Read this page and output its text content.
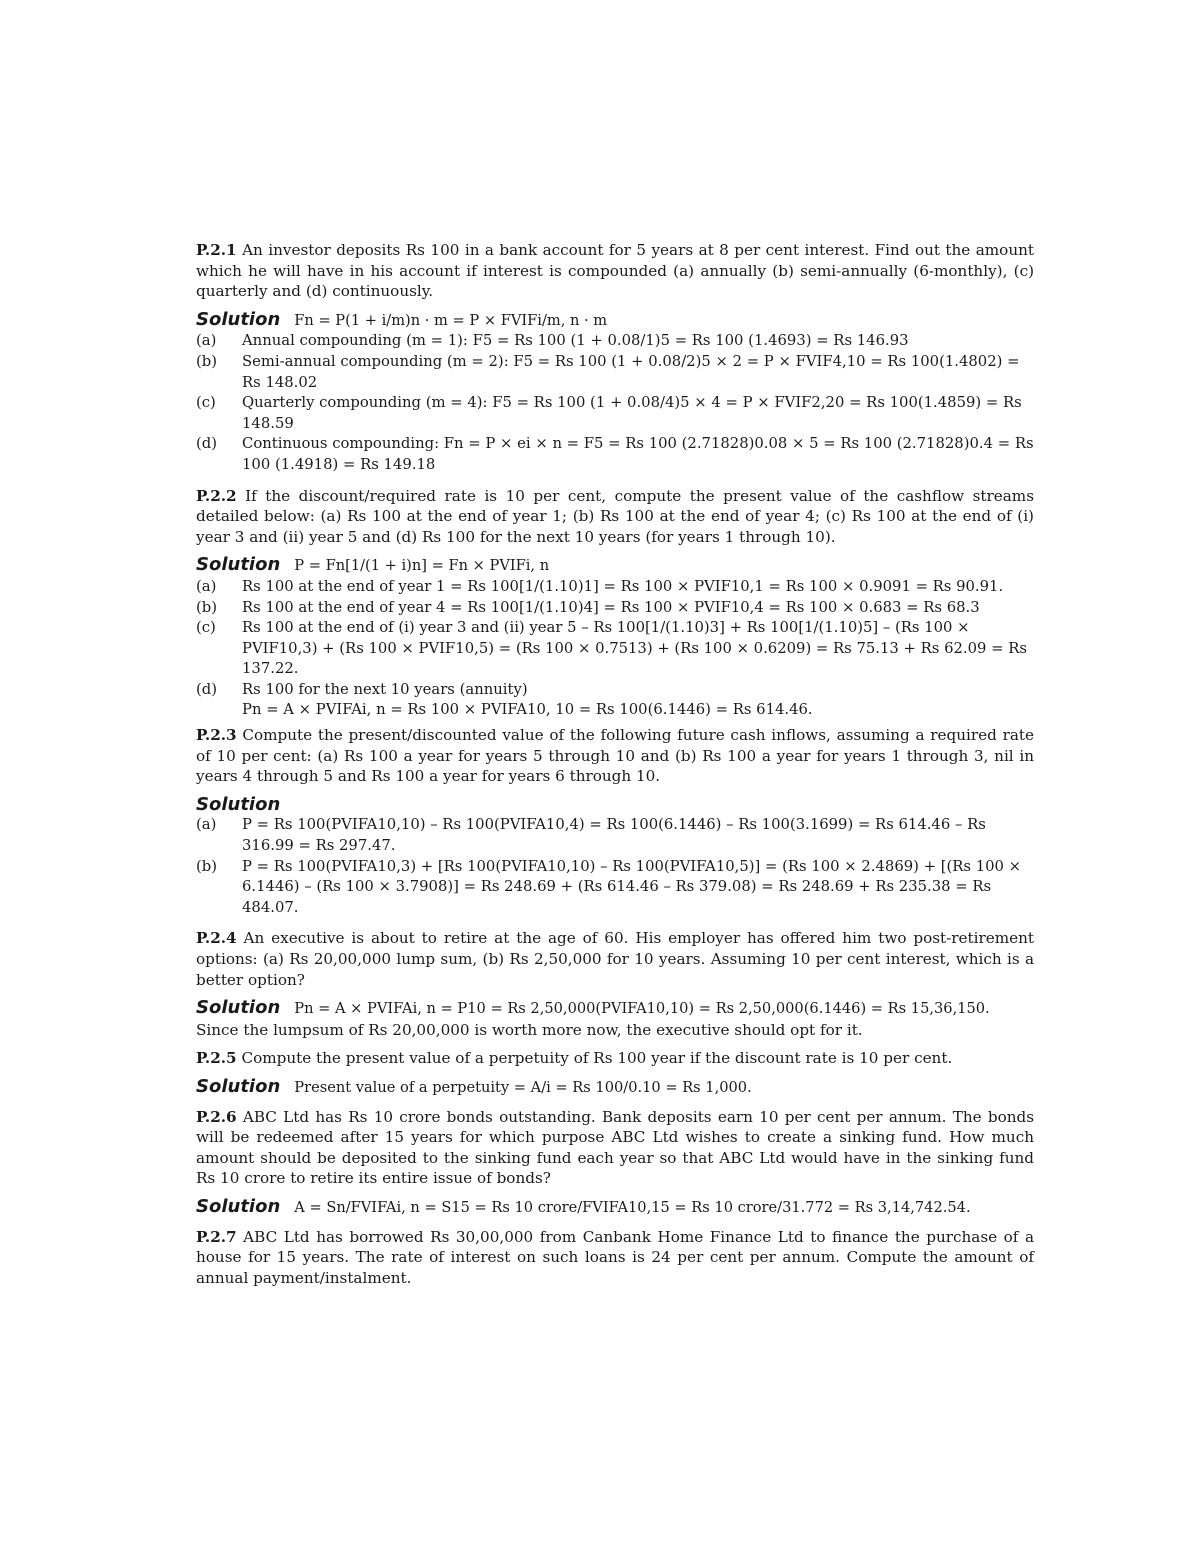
P.2.1 An investor deposits Rs 100 in a bank account for 5 years at 8 per cent interest. Find out the amount which he will have in his account if interest is compounded (a) annually (b) semi-annually (6-monthly), (c) quarterly and (d) continuously.

Solution Fn = P(1 + i/m)n · m = P × FVIFi/m, n · m

(a)	Annual compounding (m = 1): F5 = Rs 100 (1 + 0.08/1)5 = Rs 100 (1.4693) = Rs 146.93
(b)	Semi-annual compounding (m = 2): F5 = Rs 100 (1 + 0.08/2)5 × 2 = P × FVIF4,10 = Rs 100(1.4802) = Rs 148.02
(c)	Quarterly compounding (m = 4): F5 = Rs 100 (1 + 0.08/4)5 × 4 = P × FVIF2,20 = Rs 100(1.4859) = Rs 148.59
(d)	Continuous compounding: Fn = P × ei × n = F5 = Rs 100 (2.71828)0.08 × 5 = Rs 100 (2.71828)0.4 = Rs 100 (1.4918) = Rs 149.18

P.2.2 If the discount/required rate is 10 per cent, compute the present value of the cashflow streams detailed below: (a) Rs 100 at the end of year 1; (b) Rs 100 at the end of year 4; (c) Rs 100 at the end of (i) year 3 and (ii) year 5 and (d) Rs 100 for the next 10 years (for years 1 through 10).

Solution P = Fn[1/(1 + i)n] = Fn × PVIFi, n

(a)	Rs 100 at the end of year 1 = Rs 100[1/(1.10)1] = Rs 100 × PVIF10,1 = Rs 100 × 0.9091 = Rs 90.91.
(b)	Rs 100 at the end of year 4 = Rs 100[1/(1.10)4] = Rs 100 × PVIF10,4 = Rs 100 × 0.683 = Rs 68.3
(c)	Rs 100 at the end of (i) year 3 and (ii) year 5 – Rs 100[1/(1.10)3] + Rs 100[1/(1.10)5] – (Rs 100 × PVIF10,3) + (Rs 100 × PVIF10,5) = (Rs 100 × 0.7513) + (Rs 100 × 0.6209) = Rs 75.13 + Rs 62.09 = Rs 137.22.
(d)	Rs 100 for the next 10 years (annuity)
Pn = A × PVIFAi, n = Rs 100 × PVIFA10, 10 = Rs 100(6.1446) = Rs 614.46.

P.2.3 Compute the present/discounted value of the following future cash inflows, assuming a required rate of 10 per cent: (a) Rs 100 a year for years 5 through 10 and (b) Rs 100 a year for years 1 through 3, nil in years 4 through 5 and Rs 100 a year for years 6 through 10.

Solution

(a)	P = Rs 100(PVIFA10,10) – Rs 100(PVIFA10,4) = Rs 100(6.1446) – Rs 100(3.1699) = Rs 614.46 – Rs 316.99 = Rs 297.47.
(b)	P = Rs 100(PVIFA10,3) + [Rs 100(PVIFA10,10) – Rs 100(PVIFA10,5)] = (Rs 100 × 2.4869) + [(Rs 100 × 6.1446) – (Rs 100 × 3.7908)] = Rs 248.69 + (Rs 614.46 – Rs 379.08) = Rs 248.69 + Rs 235.38 = Rs 484.07.

P.2.4 An executive is about to retire at the age of 60. His employer has offered him two post-retirement options: (a) Rs 20,00,000 lump sum, (b) Rs 2,50,000 for 10 years. Assuming 10 per cent interest, which is a better option?

Solution Pn = A × PVIFAi, n = P10 = Rs 2,50,000(PVIFA10,10) = Rs 2,50,000(6.1446) = Rs 15,36,150.

Since the lumpsum of Rs 20,00,000 is worth more now, the executive should opt for it.

P.2.5 Compute the present value of a perpetuity of Rs 100 year if the discount rate is 10 per cent.

Solution Present value of a perpetuity = A/i = Rs 100/0.10 = Rs 1,000.

P.2.6 ABC Ltd has Rs 10 crore bonds outstanding. Bank deposits earn 10 per cent per annum. The bonds will be redeemed after 15 years for which purpose ABC Ltd wishes to create a sinking fund. How much amount should be deposited to the sinking fund each year so that ABC Ltd would have in the sinking fund Rs 10 crore to retire its entire issue of bonds?

Solution A = Sn/FVIFAi, n = S15 = Rs 10 crore/FVIFA10,15 = Rs 10 crore/31.772 = Rs 3,14,742.54.

P.2.7 ABC Ltd has borrowed Rs 30,00,000 from Canbank Home Finance Ltd to finance the purchase of a house for 15 years. The rate of interest on such loans is 24 per cent per annum. Compute the amount of annual payment/instalment.
